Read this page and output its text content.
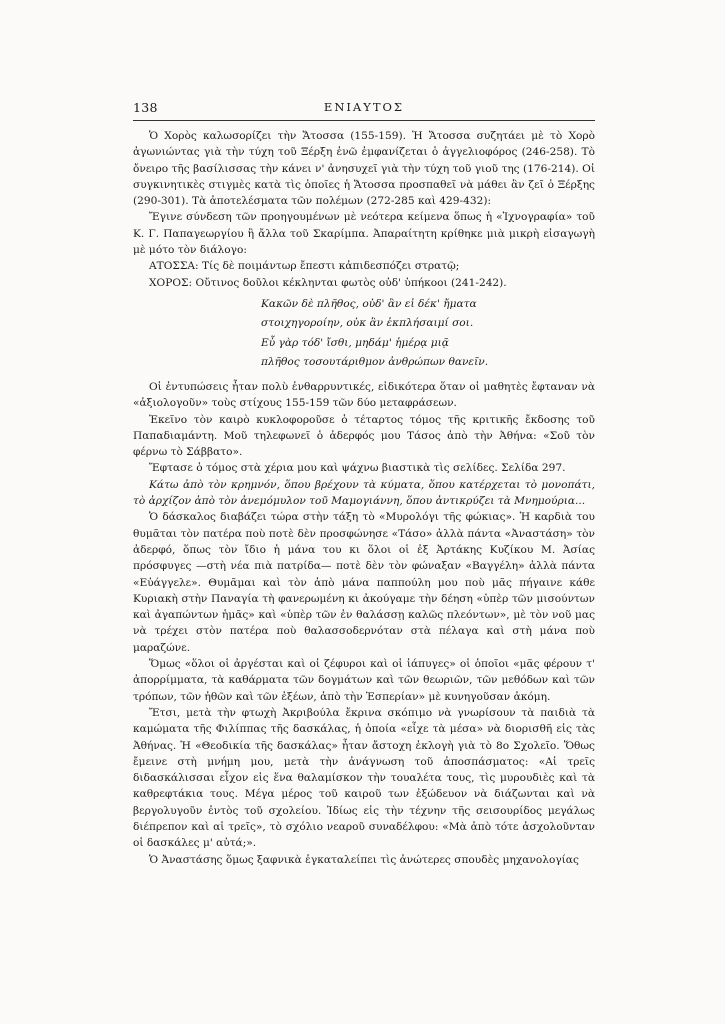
138	ΕΝΙΑΥΤΟΣ

Ὁ Χορὸς καλωσορίζει τὴν Ἄτοσσα (155-159). Ἡ Ἄτοσσα συζητάει μὲ τὸ Χορὸ ἀγωνιώντας γιὰ τὴν τύχη τοῦ Ξέρξη ἐνῶ ἐμφανίζεται ὁ ἀγγελιοφόρος (246-258). Τὸ ὄνειρο τῆς βασίλισσας τὴν κάνει ν' ἀνησυχεῖ γιὰ τὴν τύχη τοῦ γιοῦ της (176-214). Οἱ συγκινητικὲς στιγμὲς κατὰ τὶς ὁποῖες ἡ Ἄτοσσα προσπαθεῖ νὰ μάθει ἂν ζεῖ ὁ Ξέρξης (290-301). Τὰ ἀποτελέσματα τῶν πολέμων (272-285 καὶ 429-432):

Ἔγινε σύνδεση τῶν προηγουμένων μὲ νεότερα κείμενα ὅπως ἡ «Ἰχνογραφία» τοῦ Κ. Γ. Παπαγεωργίου ἢ ἄλλα τοῦ Σκαρίμπα. Ἀπαραίτητη κρίθηκε μιὰ μικρὴ εἰσαγωγὴ μὲ μότο τὸν διάλογο:

ΑΤΟΣΣΑ: Τίς δὲ ποιμάντωρ ἔπεστι κἀπιδεσπόζει στρατῷ;
ΧΟΡΟΣ: Οὔτινος δοῦλοι κέκληνται φωτὸς οὐδ' ὑπήκοοι (241-242).
Κακῶν δὲ πλῆθος, οὐδ' ἂν εἰ δέκ' ἤματα
στοιχηγοροίην, οὐκ ἂν ἐκπλήσαιμί σοι.
Εὖ γὰρ τόδ' ἴσθι, μηδάμ' ἡμέρᾳ μιᾷ
πλῆθος τοσουτάριθμον ἀνθρώπων θανεῖν.

Οἱ ἐντυπώσεις ἦταν πολὺ ἐνθαρρυντικές, εἰδικότερα ὅταν οἱ μαθητὲς ἔφταναν νὰ «ἀξιολογοῦν» τοὺς στίχους 155-159 τῶν δύο μεταφράσεων.

Ἐκεῖνο τὸν καιρὸ κυκλοφοροῦσε ὁ τέταρτος τόμος τῆς κριτικῆς ἔκδοσης τοῦ Παπαδιαμάντη. Μοῦ τηλεφωνεῖ ὁ ἀδερφός μου Τάσος ἀπὸ τὴν Ἀθήνα: «Σοῦ τὸν φέρνω τὸ Σάββατο».

Ἔφτασε ὁ τόμος στὰ χέρια μου καὶ ψάχνω βιαστικὰ τὶς σελίδες. Σελίδα 297.

Κάτω ἀπὸ τὸν κρημνόν, ὅπου βρέχουν τὰ κύματα, ὅπου κατέρχεται τὸ μονοπάτι, τὸ ἀρχίζον ἀπὸ τὸν ἀνεμόμυλον τοῦ Μαμογιάννη, ὅπου ἀντικρύζει τὰ Μνημούρια...

Ὁ δάσκαλος διαβάζει τώρα στὴν τάξη τὸ «Μυρολόγι τῆς φώκιας». Ἡ καρδιὰ του θυμᾶται τὸν πατέρα ποὺ ποτὲ δὲν προσφώνησε «Τάσο» ἀλλὰ πάντα «Ἀναστάση» τὸν ἀδερφό, ὅπως τὸν ἴδιο ἡ μάνα του κι ὅλοι οἱ ἐξ Ἀρτάκης Κυζίκου Μ. Ἀσίας πρόσφυγες —στὴ νέα πιὰ πατρίδα— ποτὲ δὲν τὸν φώναξαν «Βαγγέλη» ἀλλὰ πάντα «Εὐάγγελε». Θυμᾶμαι καὶ τὸν ἀπὸ μάνα παππούλη μου ποὺ μᾶς πήγαινε κάθε Κυριακὴ στὴν Παναγία τὴ φανερωμένη κι ἀκούγαμε τὴν δέηση «ὑπὲρ τῶν μισούντων καὶ ἀγαπώντων ἡμᾶς» καὶ «ὑπὲρ τῶν ἐν θαλάσσῃ καλῶς πλεόντων», μὲ τὸν νοῦ μας νὰ τρέχει στὸν πατέρα ποὺ θαλασσοδερνόταν στὰ πέλαγα καὶ στὴ μάνα ποὺ μαραζώνε.

Ὅμως «ὅλοι οἱ ἀργέσται καὶ οἱ ζέφυροι καὶ οἱ ἰάπυγες» οἱ ὁποῖοι «μᾶς φέρουν τ' ἀπορρίμματα, τὰ καθάρματα τῶν δογμάτων καὶ τῶν θεωριῶν, τῶν μεθόδων καὶ τῶν τρόπων, τῶν ἠθῶν καὶ τῶν ἐξέων, ἀπὸ τὴν Ἑσπερίαν» μὲ κυνηγοῦσαν ἀκόμη.

Ἔτσι, μετὰ τὴν φτωχὴ Ἀκριβούλα ἔκρινα σκόπιμο νὰ γνωρίσουν τὰ παιδιὰ τὰ καμώματα τῆς Φιλίππας τῆς δασκάλας, ἡ ὁποία «εἶχε τὰ μέσα» νὰ διορισθῆ εἰς τὰς Ἀθήνας. Ἡ «Θεοδικία τῆς δασκάλας» ἦταν ἄστοχη ἐκλογὴ γιὰ τὸ 8ο Σχολεῖο. Ὅθως ἔμεινε στὴ μνήμη μου, μετὰ τὴν ἀνάγνωση τοῦ ἀποσπάσματος: «Αἱ τρεῖς διδασκάλισσαι εἶχον εἰς ἕνα θαλαμίσκον τὴν τουαλέτα τους, τὶς μυρουδιὲς καὶ τὰ καθρεφτάκια τους. Μέγα μέρος τοῦ καιροῦ των ἐξώδευον νὰ διάζωνται καὶ νὰ βεργολυγοῦν ἐντὸς τοῦ σχολείου. Ἰδίως εἰς τὴν τέχνην τῆς σεισουρίδος μεγάλως διέπρεπον καὶ αἱ τρεῖς», τὸ σχόλιο νεαροῦ συναδέλφου: «Μὰ ἀπὸ τότε ἀσχολοῦνταν οἱ δασκάλες μ' αὐτά;».

Ὁ Ἀναστάσης ὅμως ξαφνικὰ ἐγκαταλείπει τὶς ἀνώτερες σπουδὲς μηχανολογίας
